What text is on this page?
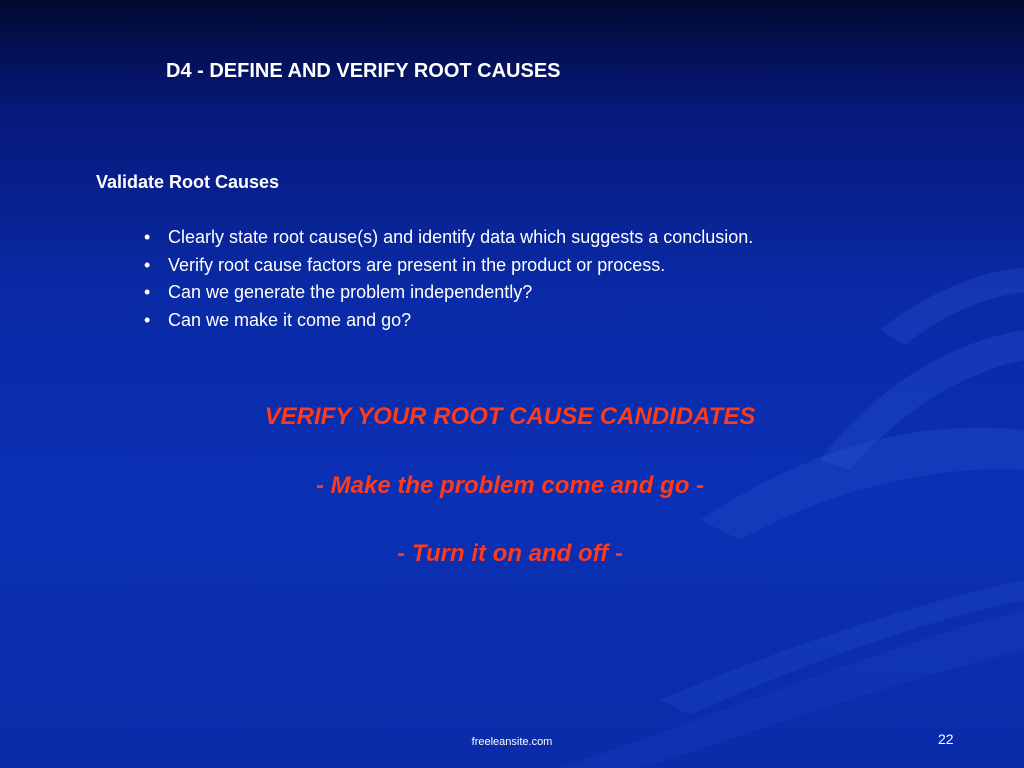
D4 - DEFINE AND VERIFY ROOT CAUSES
Validate Root Causes
• Clearly state root cause(s) and identify data which suggests a conclusion.
• Verify root cause factors are present in the product or process.
• Can we generate the problem independently?
• Can we make it come and go?
VERIFY YOUR ROOT CAUSE CANDIDATES
- Make the problem come and go -
- Turn it on and off -
freeleansite.com	22
